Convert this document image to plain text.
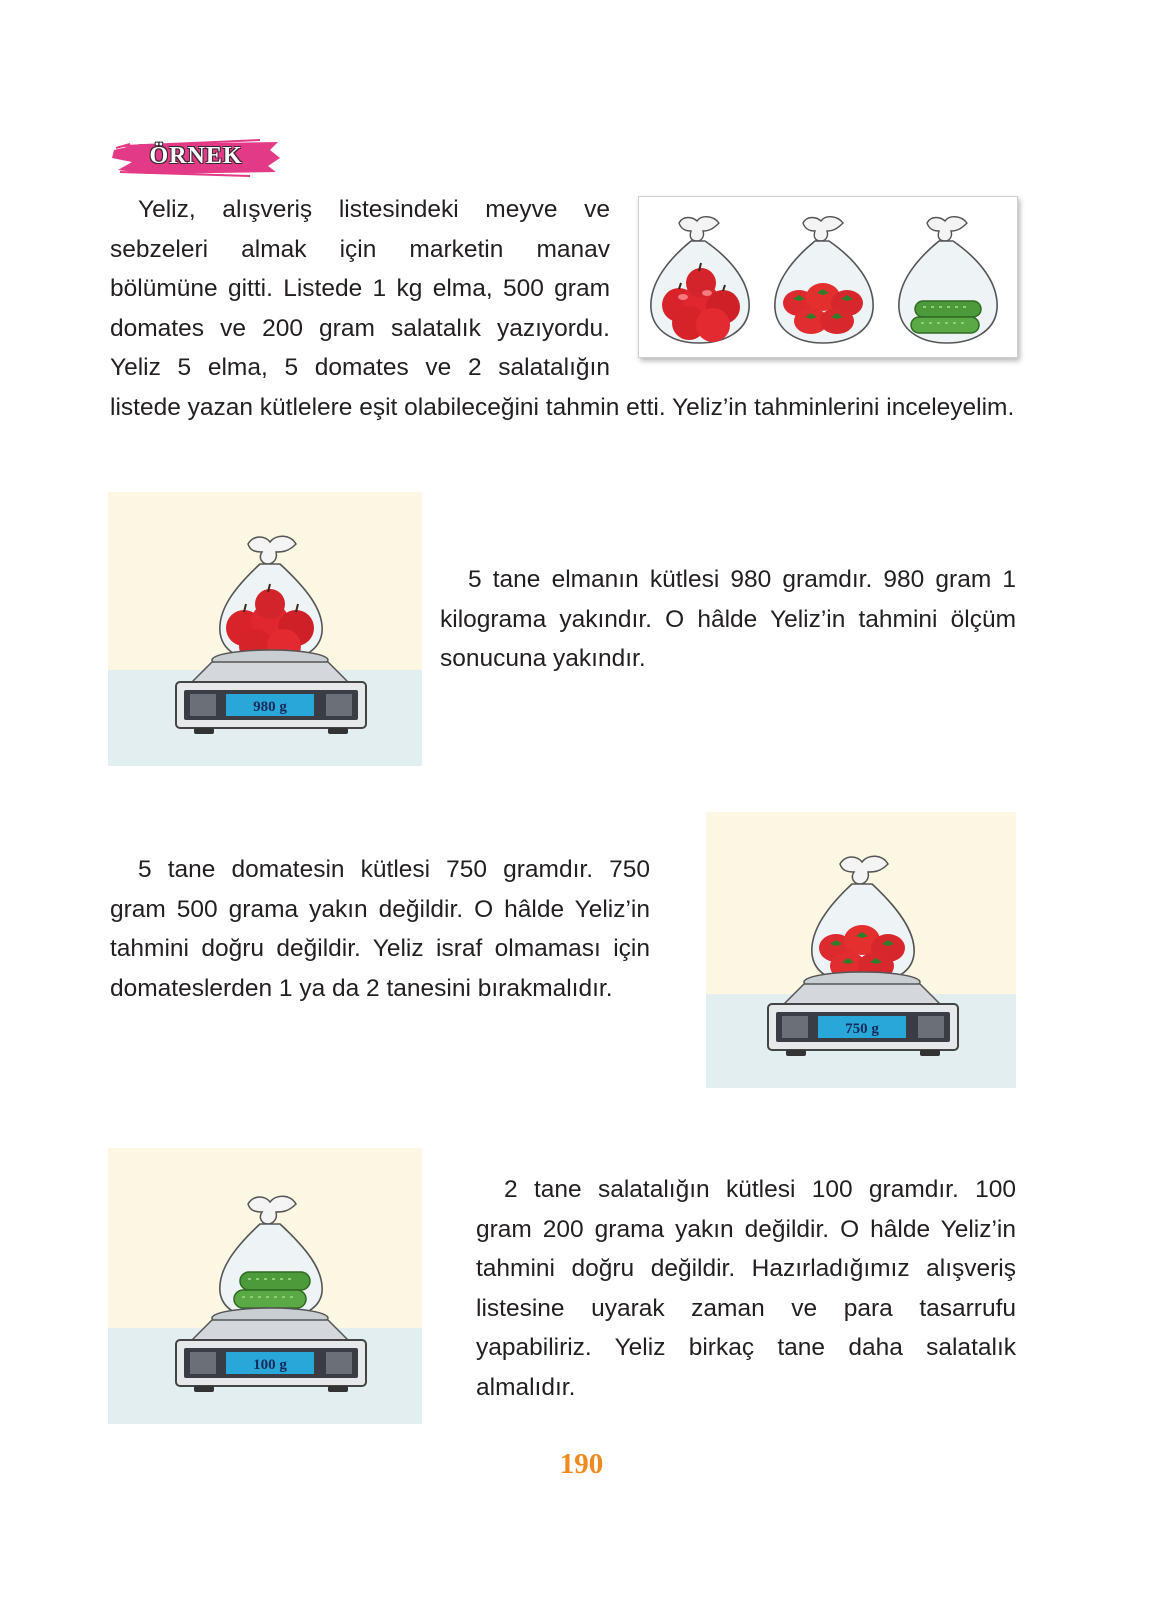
ÖRNEK

Yeliz, alışveriş listesindeki meyve ve sebzeleri almak için marketin manav bölümüne gitti. Listede 1 kg elma, 500 gram domates ve 200 gram salatalık yazıyordu. Yeliz 5 elma, 5 domates ve 2 salatalığın listede yazan kütlelere eşit olabileceğini tahmin etti. Yeliz’in tahminlerini inceleyelim.

980 g

5 tane elmanın kütlesi 980 gramdır. 980 gram 1 kilograma yakındır. O hâlde Yeliz’in tahmini ölçüm sonucuna yakındır.

5 tane domatesin kütlesi 750 gramdır. 750 gram 500 grama yakın değildir. O hâlde Yeliz’in tahmini doğru değildir. Yeliz israf olmaması için domateslerden 1 ya da 2 tanesini bırakmalıdır.

750 g
100 g

2 tane salatalığın kütlesi 100 gramdır. 100 gram 200 grama yakın değildir. O hâlde Yeliz’in tahmini doğru değildir. Hazırladığımız alışveriş listesine uyarak zaman ve para tasarrufu yapabiliriz. Yeliz birkaç tane daha salatalık almalıdır.

190
